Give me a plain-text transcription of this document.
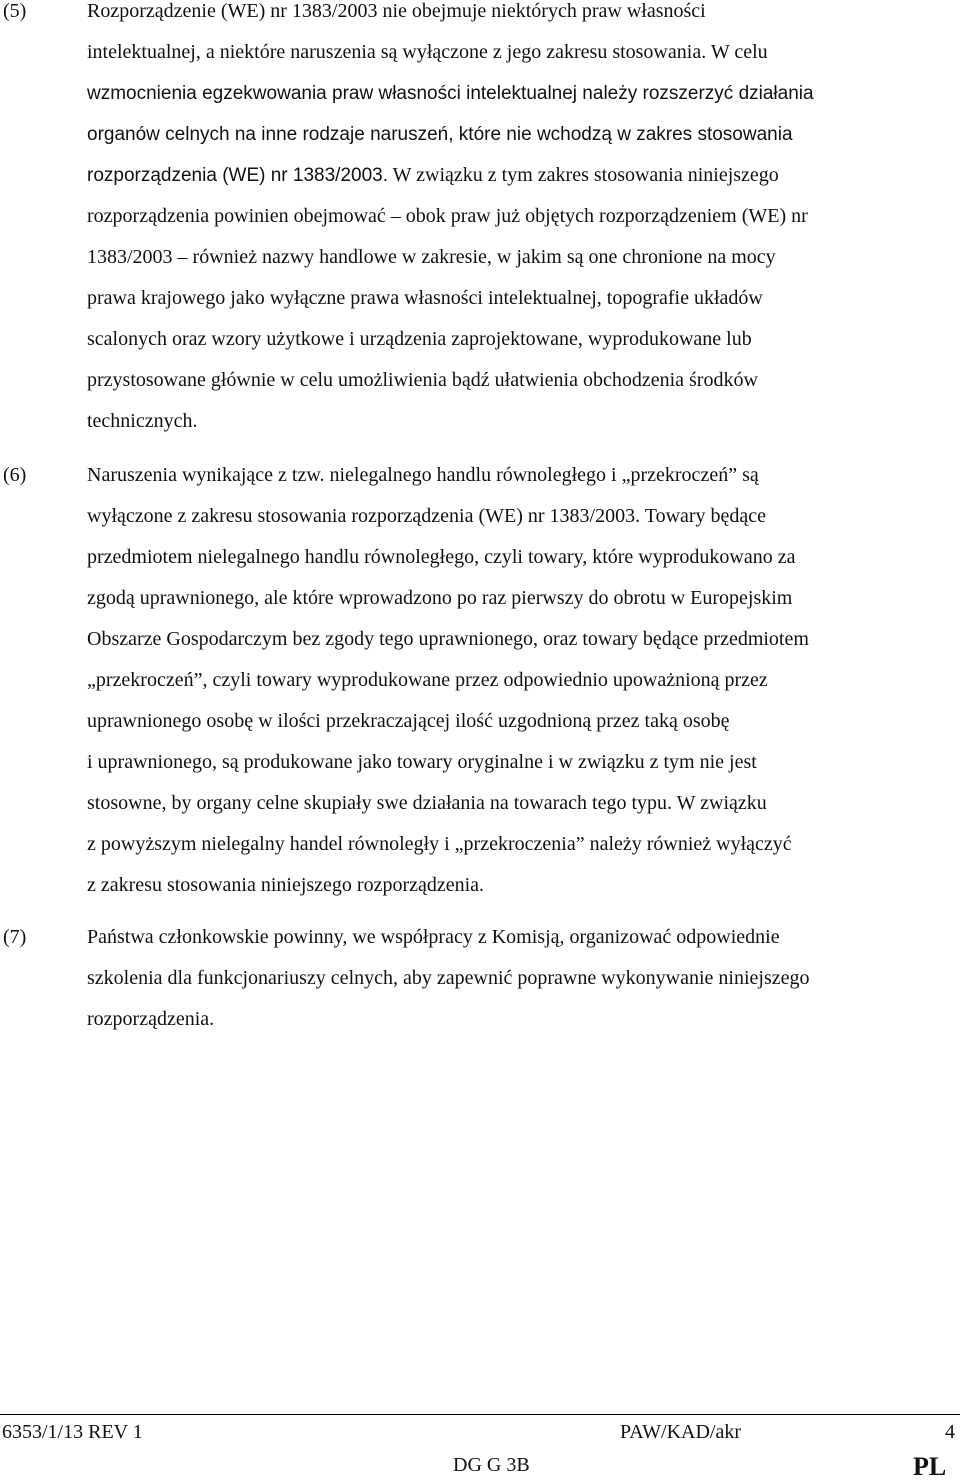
(5)	Rozporządzenie (WE) nr 1383/2003 nie obejmuje niektórych praw własności
intelektualnej, a niektóre naruszenia są wyłączone z jego zakresu stosowania. W celu
wzmocnienia egzekwowania praw własności intelektualnej należy rozszerzyć działania
organów celnych na inne rodzaje naruszeń, które nie wchodzą w zakres stosowania
rozporządzenia (WE) nr 1383/2003. W związku z tym zakres stosowania niniejszego
rozporządzenia powinien obejmować – obok praw już objętych rozporządzeniem (WE) nr
1383/2003 – również nazwy handlowe w zakresie, w jakim są one chronione na mocy
prawa krajowego jako wyłączne prawa własności intelektualnej, topografie układów
scalonych oraz wzory użytkowe i urządzenia zaprojektowane, wyprodukowane lub
przystosowane głównie w celu umożliwienia bądź ułatwienia obchodzenia środków
technicznych.
(6)	Naruszenia wynikające z tzw. nielegalnego handlu równoległego i „przekroczeń” są
wyłączone z zakresu stosowania rozporządzenia (WE) nr 1383/2003. Towary będące
przedmiotem nielegalnego handlu równoległego, czyli towary, które wyprodukowano za
zgodą uprawnionego, ale które wprowadzono po raz pierwszy do obrotu w Europejskim
Obszarze Gospodarczym bez zgody tego uprawnionego, oraz towary będące przedmiotem
„przekroczeń”, czyli towary wyprodukowane przez odpowiednio upoważnioną przez
uprawnionego osobę w ilości przekraczającej ilość uzgodnioną przez taką osobę
i uprawnionego, są produkowane jako towary oryginalne i w związku z tym nie jest
stosowne, by organy celne skupiały swe działania na towarach tego typu. W związku
z powyższym nielegalny handel równoległy i „przekroczenia” należy również wyłączyć
z zakresu stosowania niniejszego rozporządzenia.
(7)	Państwa członkowskie powinny, we współpracy z Komisją, organizować odpowiednie
szkolenia dla funkcjonariuszy celnych, aby zapewnić poprawne wykonywanie niniejszego
rozporządzenia.
6353/1/13 REV 1	PAW/KAD/akr	4
DG G 3B	PL
